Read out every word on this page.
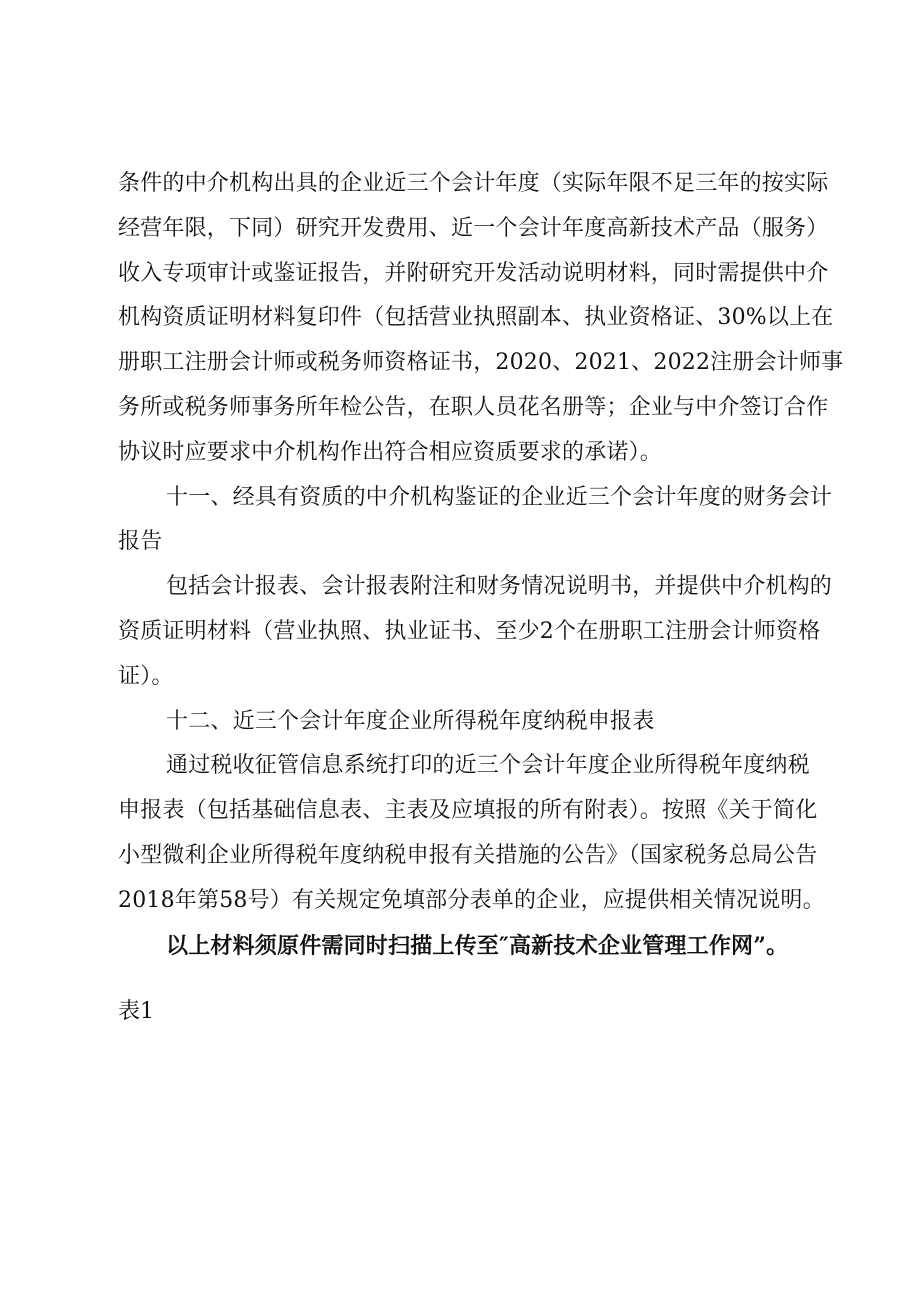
条件的中介机构出具的企业近三个会计年度（实际年限不足三年的按实际
经营年限，下同）研究开发费用、近一个会计年度高新技术产品（服务）
收入专项审计或鉴证报告，并附研究开发活动说明材料，同时需提供中介
机构资质证明材料复印件（包括营业执照副本、执业资格证、30%以上在
册职工注册会计师或税务师资格证书，2020、2021、2022注册会计师事
务所或税务师事务所年检公告，在职人员花名册等；企业与中介签订合作
协议时应要求中介机构作出符合相应资质要求的承诺）。

十一、经具有资质的中介机构鉴证的企业近三个会计年度的财务会计
报告

包括会计报表、会计报表附注和财务情况说明书，并提供中介机构的
资质证明材料（营业执照、执业证书、至少2个在册职工注册会计师资格
证）。

十二、近三个会计年度企业所得税年度纳税申报表

通过税收征管信息系统打印的近三个会计年度企业所得税年度纳税
申报表（包括基础信息表、主表及应填报的所有附表）。按照《关于简化
小型微利企业所得税年度纳税申报有关措施的公告》（国家税务总局公告
2018年第58号）有关规定免填部分表单的企业，应提供相关情况说明。

以上材料须原件需同时扫描上传至″高新技术企业管理工作网”。

表1
